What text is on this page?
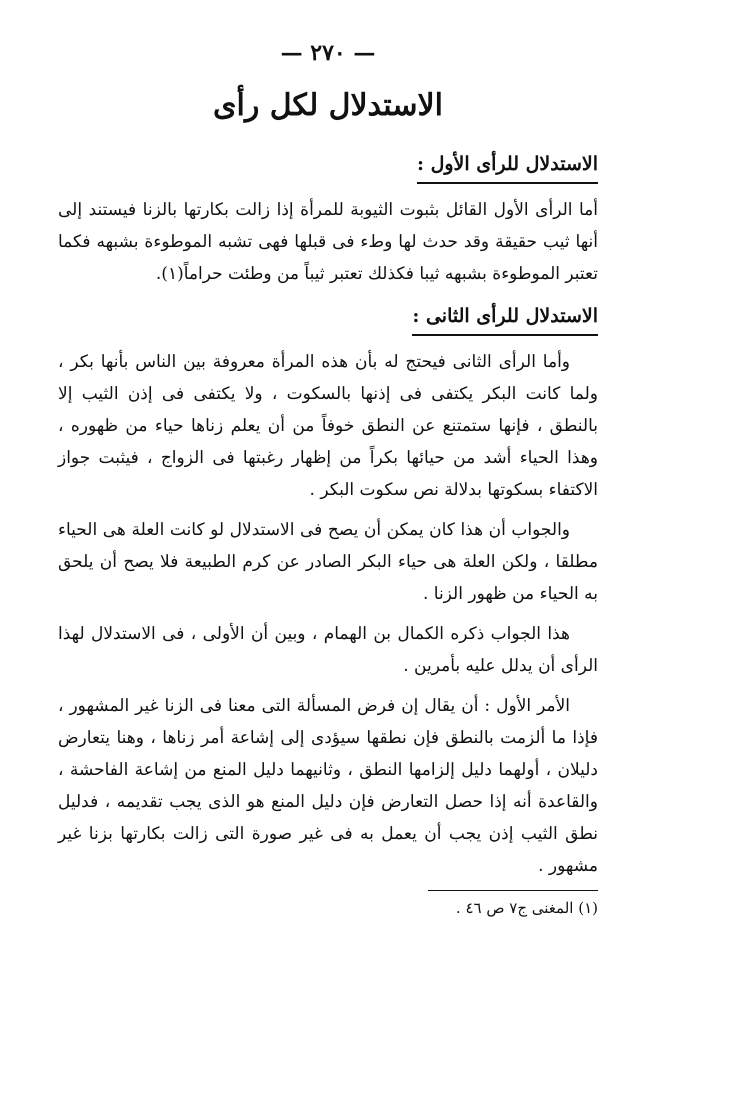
— ٢٧٠ —
الاستدلال لكل رأى
الاستدلال للرأى الأول :

أما الرأى الأول القائل بثبوت الثيوبة للمرأة إذا زالت بكارتها بالزنا فيستند إلى أنها ثيب حقيقة وقد حدث لها وطء فى قبلها فهى تشبه الموطوءة بشبهه فكما تعتبر الموطوءة بشبهه ثيبا فكذلك تعتبر ثيباً من وطئت حراماً(١).

الاستدلال للرأى الثانى :

وأما الرأى الثانى فيحتج له بأن هذه المرأة معروفة بين الناس بأنها بكر ، ولما كانت البكر يكتفى فى إذنها بالسكوت ، ولا يكتفى فى إذن الثيب إلا بالنطق ، فإنها ستمتنع عن النطق خوفاً من أن يعلم زناها حياء من ظهوره ، وهذا الحياء أشد من حيائها بكراً من إظهار رغبتها فى الزواج ، فيثبت جواز الاكتفاء بسكوتها بدلالة نص سكوت البكر .

والجواب أن هذا كان يمكن أن يصح فى الاستدلال لو كانت العلة هى الحياء مطلقا ، ولكن العلة هى حياء البكر الصادر عن كرم الطبيعة فلا يصح أن يلحق به الحياء من ظهور الزنا .

هذا الجواب ذكره الكمال بن الهمام ، وبين أن الأولى ، فى الاستدلال لهذا الرأى أن يدلل عليه بأمرين .

الأمر الأول : أن يقال إن فرض المسألة التى معنا فى الزنا غير المشهور ، فإذا ما ألزمت بالنطق فإن نطقها سيؤدى إلى إشاعة أمر زناها ، وهنا يتعارض دليلان ، أولهما دليل إلزامها النطق ، وثانيهما دليل المنع من إشاعة الفاحشة ، والقاعدة أنه إذا حصل التعارض فإن دليل المنع هو الذى يجب تقديمه ، فدليل نطق الثيب إذن يجب أن يعمل به فى غير صورة التى زالت بكارتها بزنا غير مشهور .

(١) المغنى ج٧ ص ٤٦ .
